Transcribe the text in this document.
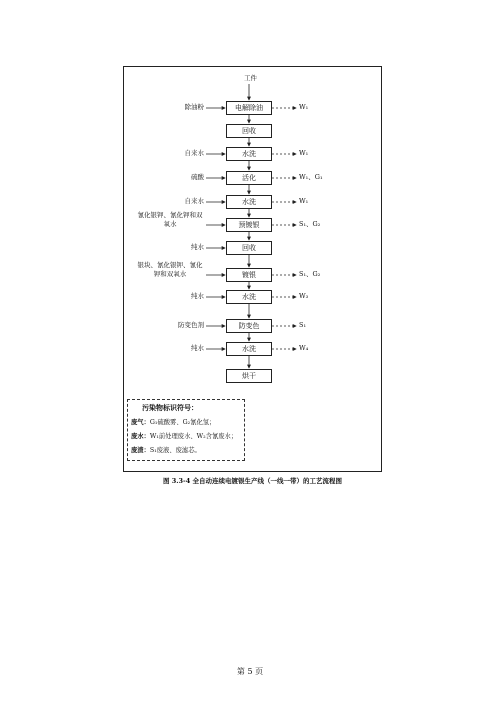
工件
电解除油
除油粉	W₁
回收
水洗
自来水	W₁
活化
硫酸	W₁、G₁
水洗
自来水	W₁
预镀银
氰化银钾、氰化钾和双氧水	S₁、G₂
回收
纯水
镀银
银块、氰化银钾、氰化钾和双氧水	S₁、G₂
水洗
纯水	W₃
防变色
防变色剂	S₁
水洗
纯水	W₄
烘干
污染物标识符号：
废气：G₁硫酸雾、G₂氰化氢；
废水：W₁前处理废水、W₂含氰废水；
废渣：S₁废液、废滤芯。
图 3.3-4 全自动连续电镀银生产线（一线一带）的工艺流程图
第 5 页
